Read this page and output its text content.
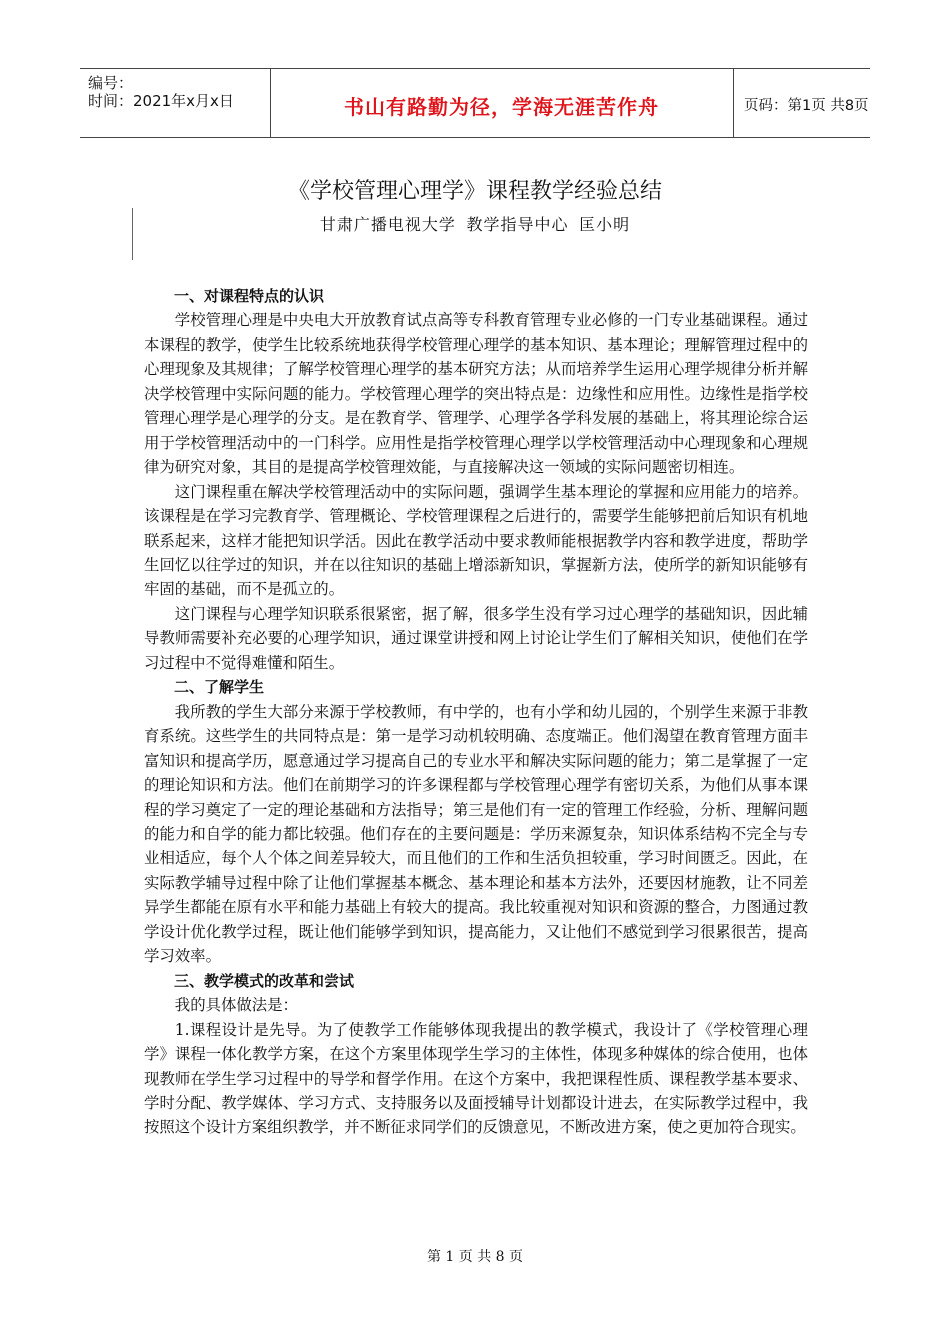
编号：
时间：2021年x月x日	书山有路勤为径，学海无涯苦作舟	页码：第1页 共8页
《学校管理心理学》课程教学经验总结
甘肃广播电视大学 教学指导中心 匡小明

一、对课程特点的认识

学校管理心理是中央电大开放教育试点高等专科教育管理专业必修的一门专业基础课程。通过本课程的教学，使学生比较系统地获得学校管理心理学的基本知识、基本理论；理解管理过程中的心理现象及其规律；了解学校管理心理学的基本研究方法；从而培养学生运用心理学规律分析并解决学校管理中实际问题的能力。学校管理心理学的突出特点是：边缘性和应用性。边缘性是指学校管理心理学是心理学的分支。是在教育学、管理学、心理学各学科发展的基础上，将其理论综合运用于学校管理活动中的一门科学。应用性是指学校管理心理学以学校管理活动中心理现象和心理规律为研究对象，其目的是提高学校管理效能，与直接解决这一领域的实际问题密切相连。

这门课程重在解决学校管理活动中的实际问题，强调学生基本理论的掌握和应用能力的培养。该课程是在学习完教育学、管理概论、学校管理课程之后进行的，需要学生能够把前后知识有机地联系起来，这样才能把知识学活。因此在教学活动中要求教师能根据教学内容和教学进度，帮助学生回忆以往学过的知识，并在以往知识的基础上增添新知识，掌握新方法，使所学的新知识能够有牢固的基础，而不是孤立的。

这门课程与心理学知识联系很紧密，据了解，很多学生没有学习过心理学的基础知识，因此辅导教师需要补充必要的心理学知识，通过课堂讲授和网上讨论让学生们了解相关知识，使他们在学习过程中不觉得难懂和陌生。

二、了解学生

我所教的学生大部分来源于学校教师，有中学的，也有小学和幼儿园的，个别学生来源于非教育系统。这些学生的共同特点是：第一是学习动机较明确、态度端正。他们渴望在教育管理方面丰富知识和提高学历，愿意通过学习提高自己的专业水平和解决实际问题的能力；第二是掌握了一定的理论知识和方法。他们在前期学习的许多课程都与学校管理心理学有密切关系，为他们从事本课程的学习奠定了一定的理论基础和方法指导；第三是他们有一定的管理工作经验，分析、理解问题的能力和自学的能力都比较强。他们存在的主要问题是：学历来源复杂，知识体系结构不完全与专业相适应，每个人个体之间差异较大，而且他们的工作和生活负担较重，学习时间匮乏。因此，在实际教学辅导过程中除了让他们掌握基本概念、基本理论和基本方法外，还要因材施教，让不同差异学生都能在原有水平和能力基础上有较大的提高。我比较重视对知识和资源的整合，力图通过教学设计优化教学过程，既让他们能够学到知识，提高能力，又让他们不感觉到学习很累很苦，提高学习效率。

三、教学模式的改革和尝试

我的具体做法是：

1.课程设计是先导。为了使教学工作能够体现我提出的教学模式，我设计了《学校管理心理学》课程一体化教学方案，在这个方案里体现学生学习的主体性，体现多种媒体的综合使用，也体现教师在学生学习过程中的导学和督学作用。在这个方案中，我把课程性质、课程教学基本要求、学时分配、教学媒体、学习方式、支持服务以及面授辅导计划都设计进去，在实际教学过程中，我按照这个设计方案组织教学，并不断征求同学们的反馈意见，不断改进方案，使之更加符合现实。

第 1 页 共 8 页
